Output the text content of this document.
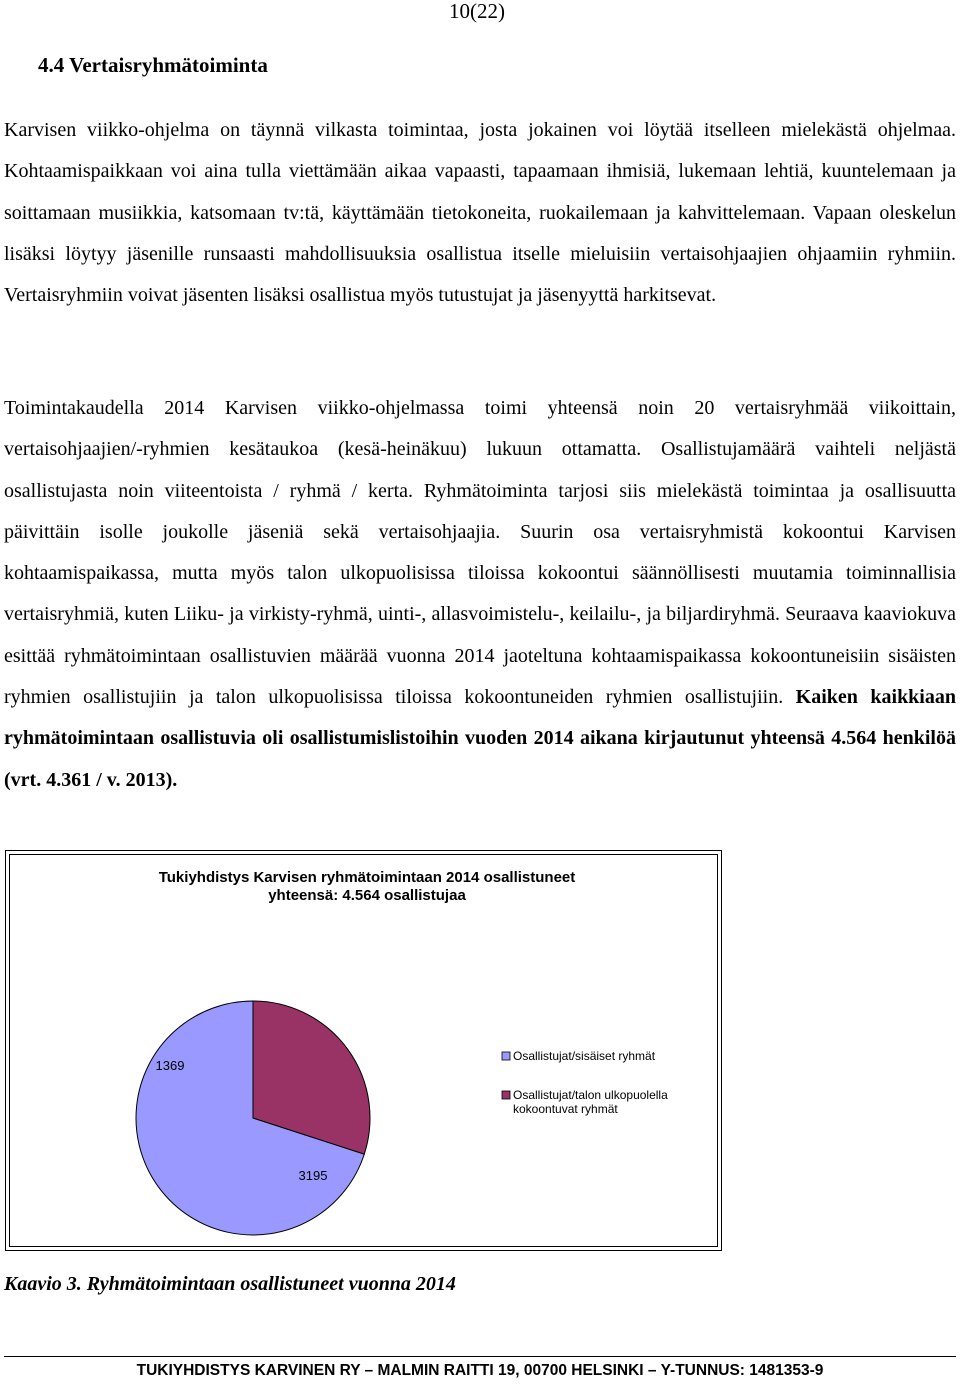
10(22)
4.4 Vertaisryhmätoiminta

Karvisen viikko-ohjelma on täynnä vilkasta toimintaa, josta jokainen voi löytää itselleen mielekästä ohjelmaa. Kohtaamispaikkaan voi aina tulla viettämään aikaa vapaasti, tapaamaan ihmisiä, lukemaan lehtiä, kuuntelemaan ja soittamaan musiikkia, katsomaan tv:tä, käyttämään tietokoneita, ruokailemaan ja kahvittelemaan. Vapaan oleskelun lisäksi löytyy jäsenille runsaasti mahdollisuuksia osallistua itselle mieluisiin vertaisohjaajien ohjaamiin ryhmiin. Vertaisryhmiin voivat jäsenten lisäksi osallistua myös tutustujat ja jäsenyyttä harkitsevat.

Toimintakaudella 2014 Karvisen viikko-ohjelmassa toimi yhteensä noin 20 vertaisryhmää viikoittain, vertaisohjaajien/-ryhmien kesätaukoa (kesä-heinäkuu) lukuun ottamatta. Osallistujamäärä vaihteli neljästä osallistujasta noin viiteentoista / ryhmä / kerta. Ryhmätoiminta tarjosi siis mielekästä toimintaa ja osallisuutta päivittäin isolle joukolle jäseniä sekä vertaisohjaajia. Suurin osa vertaisryhmistä kokoontui Karvisen kohtaamispaikassa, mutta myös talon ulkopuolisissa tiloissa kokoontui säännöllisesti muutamia toiminnallisia vertaisryhmiä, kuten Liiku- ja virkisty-ryhmä, uinti-, allasvoimistelu-, keilailu-, ja biljardiryhmä. Seuraava kaaviokuva esittää ryhmätoimintaan osallistuvien määrää vuonna 2014 jaoteltuna kohtaamispaikassa kokoontuneisiin sisäisten ryhmien osallistujiin ja talon ulkopuolisissa tiloissa kokoontuneiden ryhmien osallistujiin. Kaiken kaikkiaan ryhmätoimintaan osallistuvia oli osallistumislistoihin vuoden 2014 aikana kirjautunut yhteensä 4.564 henkilöä (vrt. 4.361 / v. 2013).

Tukiyhdistys Karvisen ryhmätoimintaan 2014 osallistuneet
yhteensä: 4.564 osallistujaa
3195
1369
Osallistujat/sisäiset ryhmät
Osallistujat/talon ulkopuolella kokoontuvat ryhmät
Kaavio 3. Ryhmätoimintaan osallistuneet vuonna 2014
TUKIYHDISTYS KARVINEN RY – MALMIN RAITTI 19, 00700 HELSINKI – Y-TUNNUS: 1481353-9
